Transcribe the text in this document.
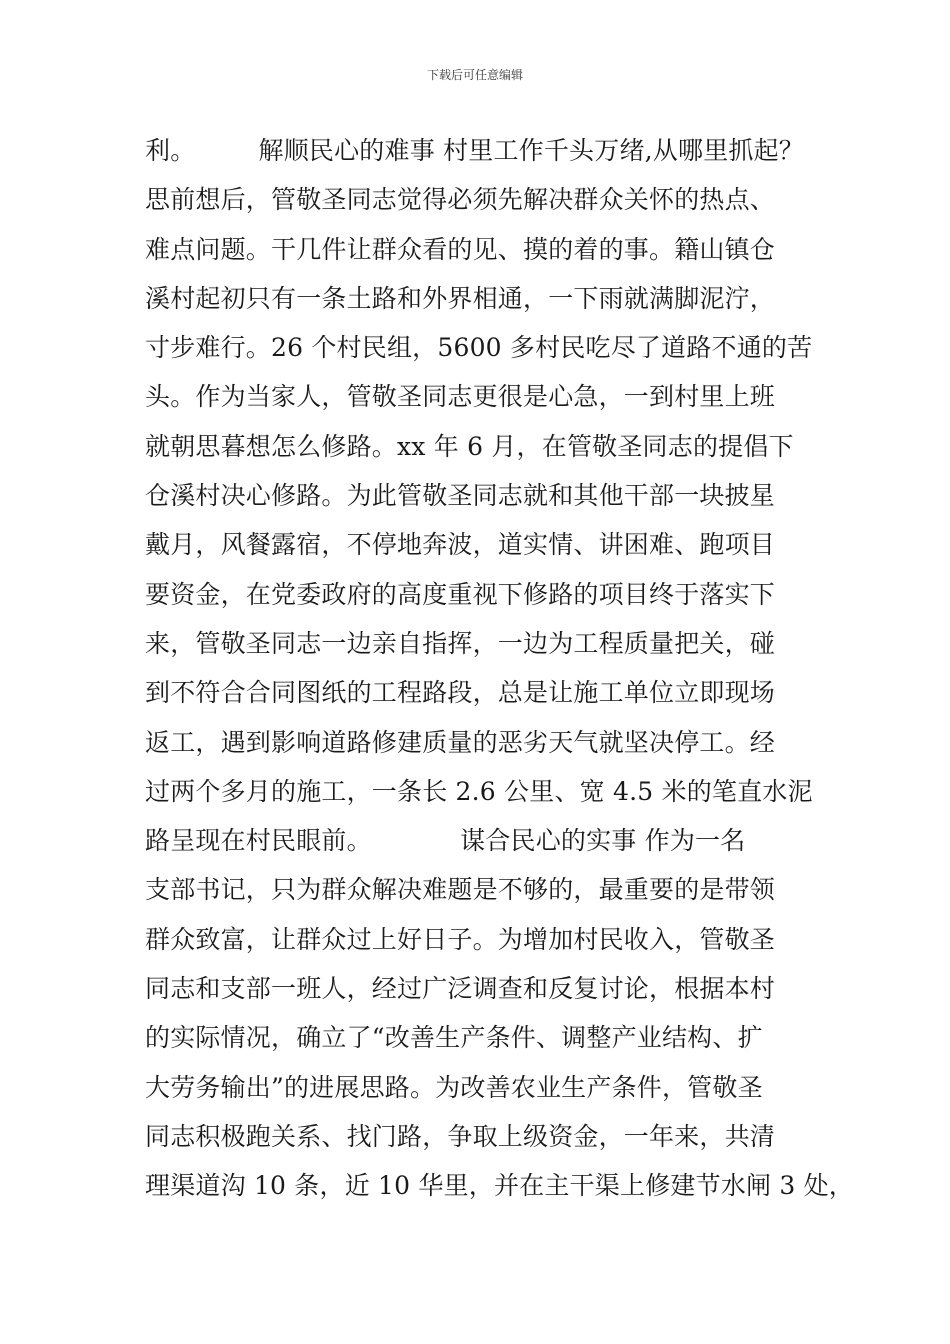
下载后可任意编辑
利。　　　解顺民心的难事 村里工作千头万绪,从哪里抓起？
思前想后，管敬圣同志觉得必须先解决群众关怀的热点、
难点问题。干几件让群众看的见、摸的着的事。籍山镇仓
溪村起初只有一条土路和外界相通，一下雨就满脚泥泞，
寸步难行。26 个村民组，5600 多村民吃尽了道路不通的苦
头。作为当家人，管敬圣同志更很是心急，一到村里上班
就朝思暮想怎么修路。xx 年 6 月，在管敬圣同志的提倡下
仓溪村决心修路。为此管敬圣同志就和其他干部一块披星
戴月，风餐露宿，不停地奔波，道实情、讲困难、跑项目
要资金，在党委政府的高度重视下修路的项目终于落实下
来，管敬圣同志一边亲自指挥，一边为工程质量把关，碰
到不符合合同图纸的工程路段，总是让施工单位立即现场
返工，遇到影响道路修建质量的恶劣天气就坚决停工。经
过两个多月的施工，一条长 2.6 公里、宽 4.5 米的笔直水泥
路呈现在村民眼前。　　　　谋合民心的实事 作为一名
支部书记，只为群众解决难题是不够的，最重要的是带领
群众致富，让群众过上好日子。为增加村民收入，管敬圣
同志和支部一班人，经过广泛调查和反复讨论，根据本村
的实际情况，确立了“改善生产条件、调整产业结构、扩
大劳务输出”的进展思路。为改善农业生产条件，管敬圣
同志积极跑关系、找门路，争取上级资金，一年来，共清
理渠道沟 10 条，近 10 华里，并在主干渠上修建节水闸 3 处，
